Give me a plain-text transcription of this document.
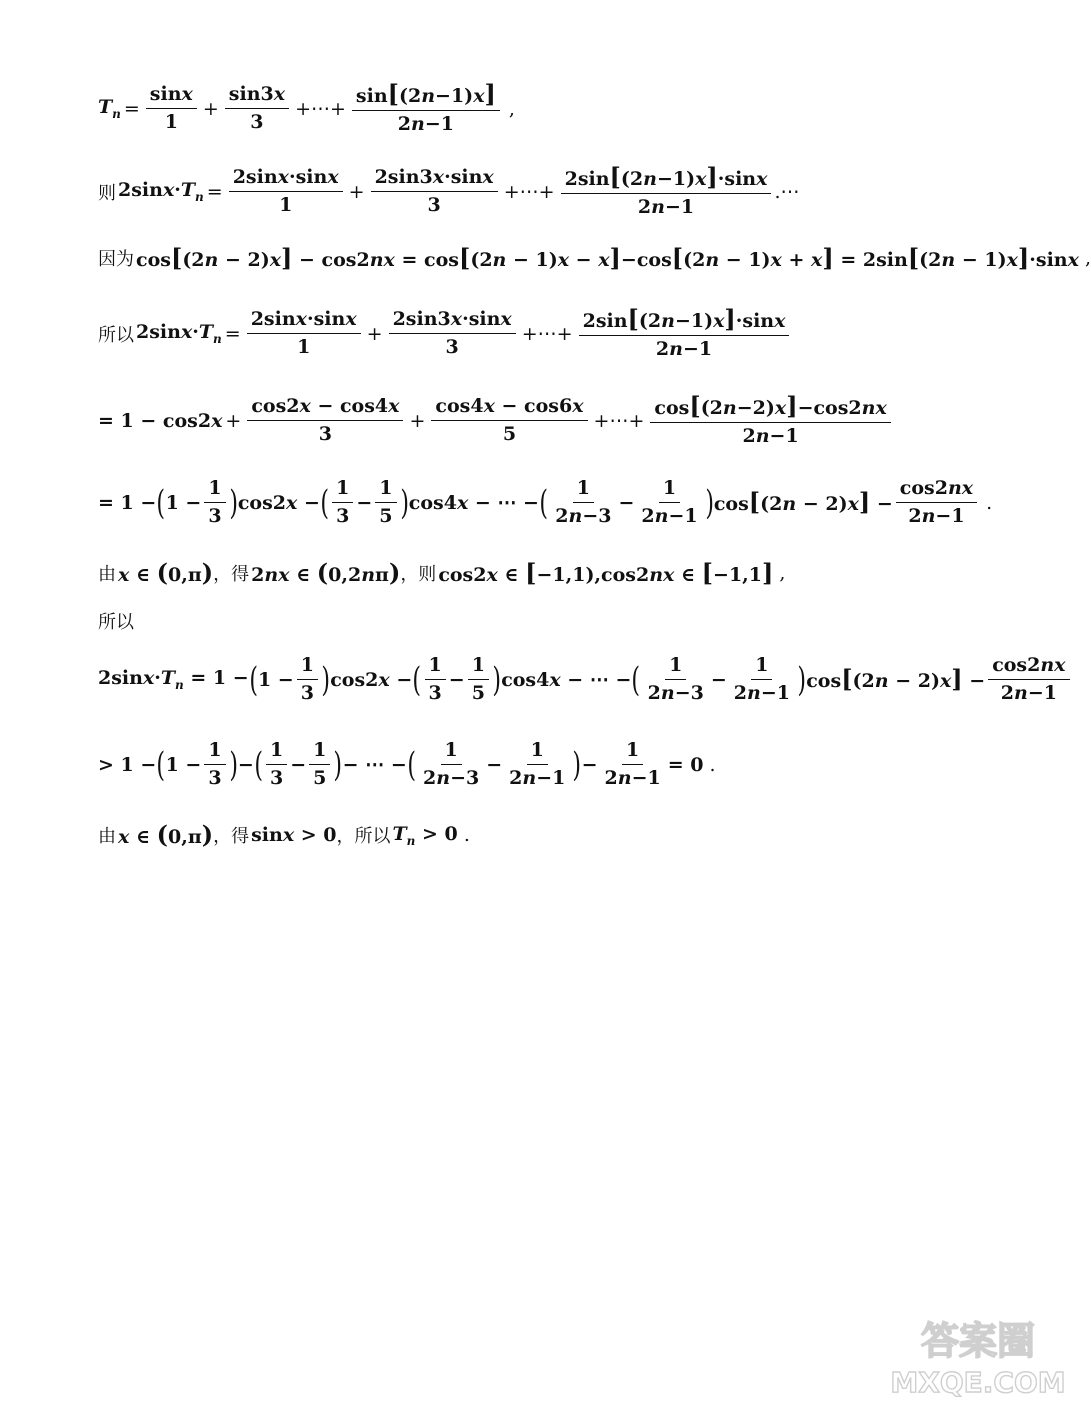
$T_n = \frac{\sin x}{1} + \frac{\sin 3x}{3}$ +⋯+ $\frac{\sin[(2n-1)x]}{2n-1}$ ,
则 $2\sin x\cdot T_n = \frac{2\sin x\cdot\sin x}{1} + \frac{2\sin 3x\cdot\sin x}{3}$ +⋯+ $\frac{2\sin[(2n-1)x]\cdot\sin x}{2n-1}$ .⋯
因为 cos[(2n − 2)x] − cos2nx = cos[(2n − 1)x − x]−cos[(2n − 1)x + x] = 2sin[(2n − 1)x]·sinx ,
所以 $2\sin x\cdot T_n = \frac{2\sin x\cdot\sin x}{1} + \frac{2\sin 3x\cdot\sin x}{3}$ +⋯+ $\frac{2\sin[(2n-1)x]\cdot\sin x}{2n-1}$
= $1 - \cos 2x + \frac{\cos 2x - \cos 4x}{3} + \frac{\cos 4x - \cos 6x}{5}$ +⋯+ $\frac{\cos[(2n-2)x]-\cos 2nx}{2n-1}$
= 1 − ( $1 - \frac{1}{3}$ ) cos2x − ( $\frac{1}{3} - \frac{1}{5}$ ) cos4x − ⋯ − ( $\frac{1}{2n-3} - \frac{1}{2n-1}$ ) $\cos[(2n - 2)x] - \frac{\cos 2nx}{2n-1}$ .
由 x ∈ (0,π) ，得 2nx ∈ (0,2nπ) ，则 cos2x ∈ [−1,1),cos2nx ∈ [−1,1] ,
所以
$2\sin x\cdot T_n = 1$ − ( $1 - \frac{1}{3}$ ) cos2x − ( $\frac{1}{3} - \frac{1}{5}$ ) cos4x − ⋯ − ( $\frac{1}{2n-3} - \frac{1}{2n-1}$ ) $\cos[(2n - 2)x] - \frac{\cos 2nx}{2n-1}$
> 1 − ( $1 - \frac{1}{3}$ ) − ( $\frac{1}{3} - \frac{1}{5}$ ) − ⋯ − ( $\frac{1}{2n-3} - \frac{1}{2n-1}$ ) − $\frac{1}{2n-1} = 0$ .
由 x ∈ (0,π) ，得 sinx > 0 ，所以 $T_n > 0$ .
答案圈
MXQE.COM
